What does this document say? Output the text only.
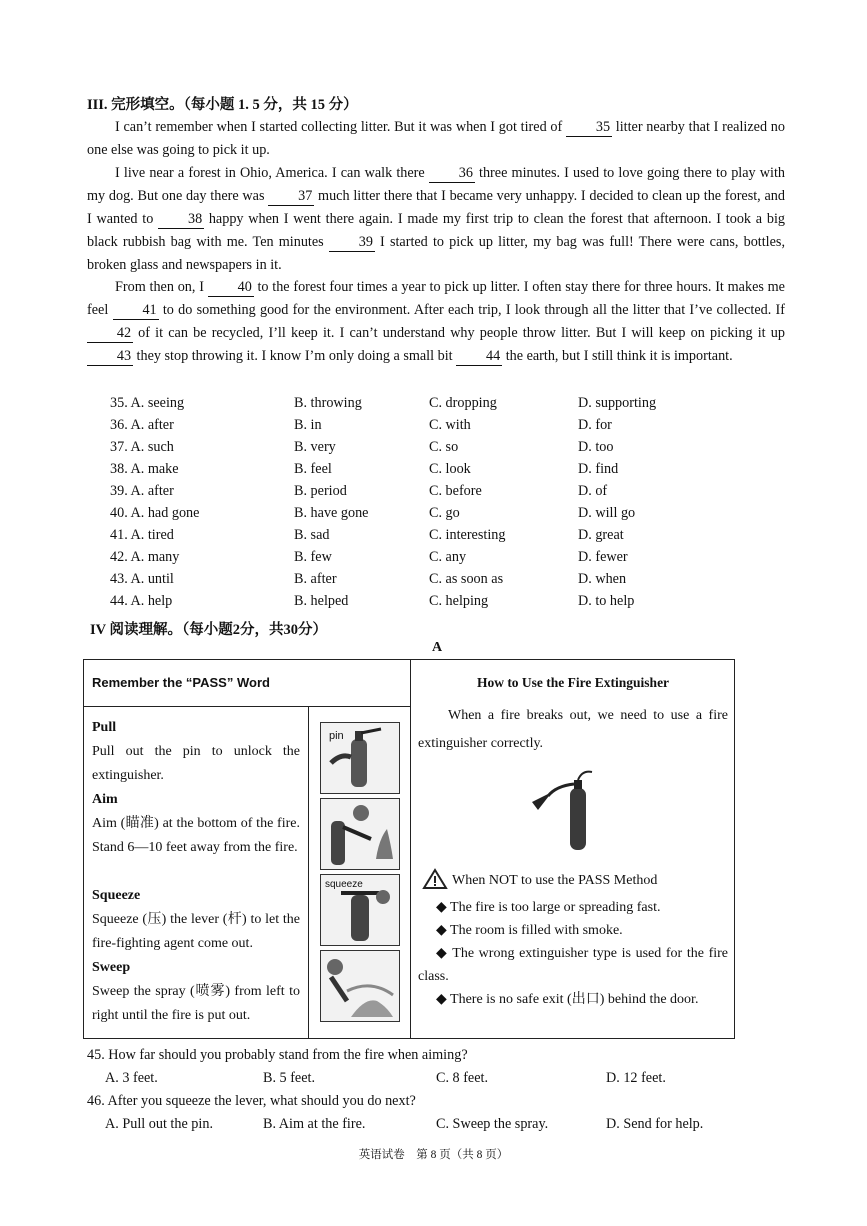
III. 完形填空。（每小题 1. 5 分，共 15 分）

I can’t remember when I started collecting litter. But it was when I got tired of 35 litter nearby that I realized no one else was going to pick it up.

I live near a forest in Ohio, America. I can walk there 36 three minutes. I used to love going there to play with my dog. But one day there was 37 much litter there that I became very unhappy. I decided to clean up the forest, and I wanted to 38 happy when I went there again. I made my first trip to clean the forest that afternoon. I took a big black rubbish bag with me. Ten minutes 39 I started to pick up litter, my bag was full! There were cans, bottles, broken glass and newspapers in it.

From then on, I 40 to the forest four times a year to pick up litter. I often stay there for three hours. It makes me feel 41 to do something good for the environment. After each trip, I look through all the litter that I’ve collected. If 42 of it can be recycled, I’ll keep it. I can’t understand why people throw litter. But I will keep on picking it up 43 they stop throwing it. I know I’m only doing a small bit 44 the earth, but I still think it is important.

35. A. seeing	B. throwing	C. dropping	D. supporting
36. A. after	B. in	C. with	D. for
37. A. such	B. very	C. so	D. too
38. A. make	B. feel	C. look	D. find
39. A. after	B. period	C. before	D. of
40. A. had gone	B. have gone	C. go	D. will go
41. A. tired	B. sad	C. interesting	D. great
42. A. many	B. few	C. any	D. fewer
43. A. until	B. after	C. as soon as	D. when
44. A. help	B. helped	C. helping	D. to help
IV 阅读理解。（每小题2分，共30分）
A
Remember the “PASS” Word
Pull
Pull out the pin to unlock the extinguisher.
Aim
Aim (瞄准) at the bottom of the fire. Stand 6—10 feet away from the fire.
Squeeze
Squeeze (压) the lever (杆) to let the fire-fighting agent come out.
Sweep
Sweep the spray (喷雾) from left to right until the fire is put out.
pin
squeeze
How to Use the Fire Extinguisher
When a fire breaks out, we need to use a fire extinguisher correctly.
When NOT to use the PASS Method
◆ The fire is too large or spreading fast.
◆ The room is filled with smoke.
◆ The wrong extinguisher type is used for the fire class.
◆ There is no safe exit (出口) behind the door.
45. How far should you probably stand from the fire when aiming?
A. 3 feet.	B. 5 feet.	C. 8 feet.	D. 12 feet.
46. After you squeeze the lever, what should you do next?
A. Pull out the pin.	B. Aim at the fire.	C. Sweep the spray.	D. Send for help.
英语试卷　第 8 页（共 8 页）
